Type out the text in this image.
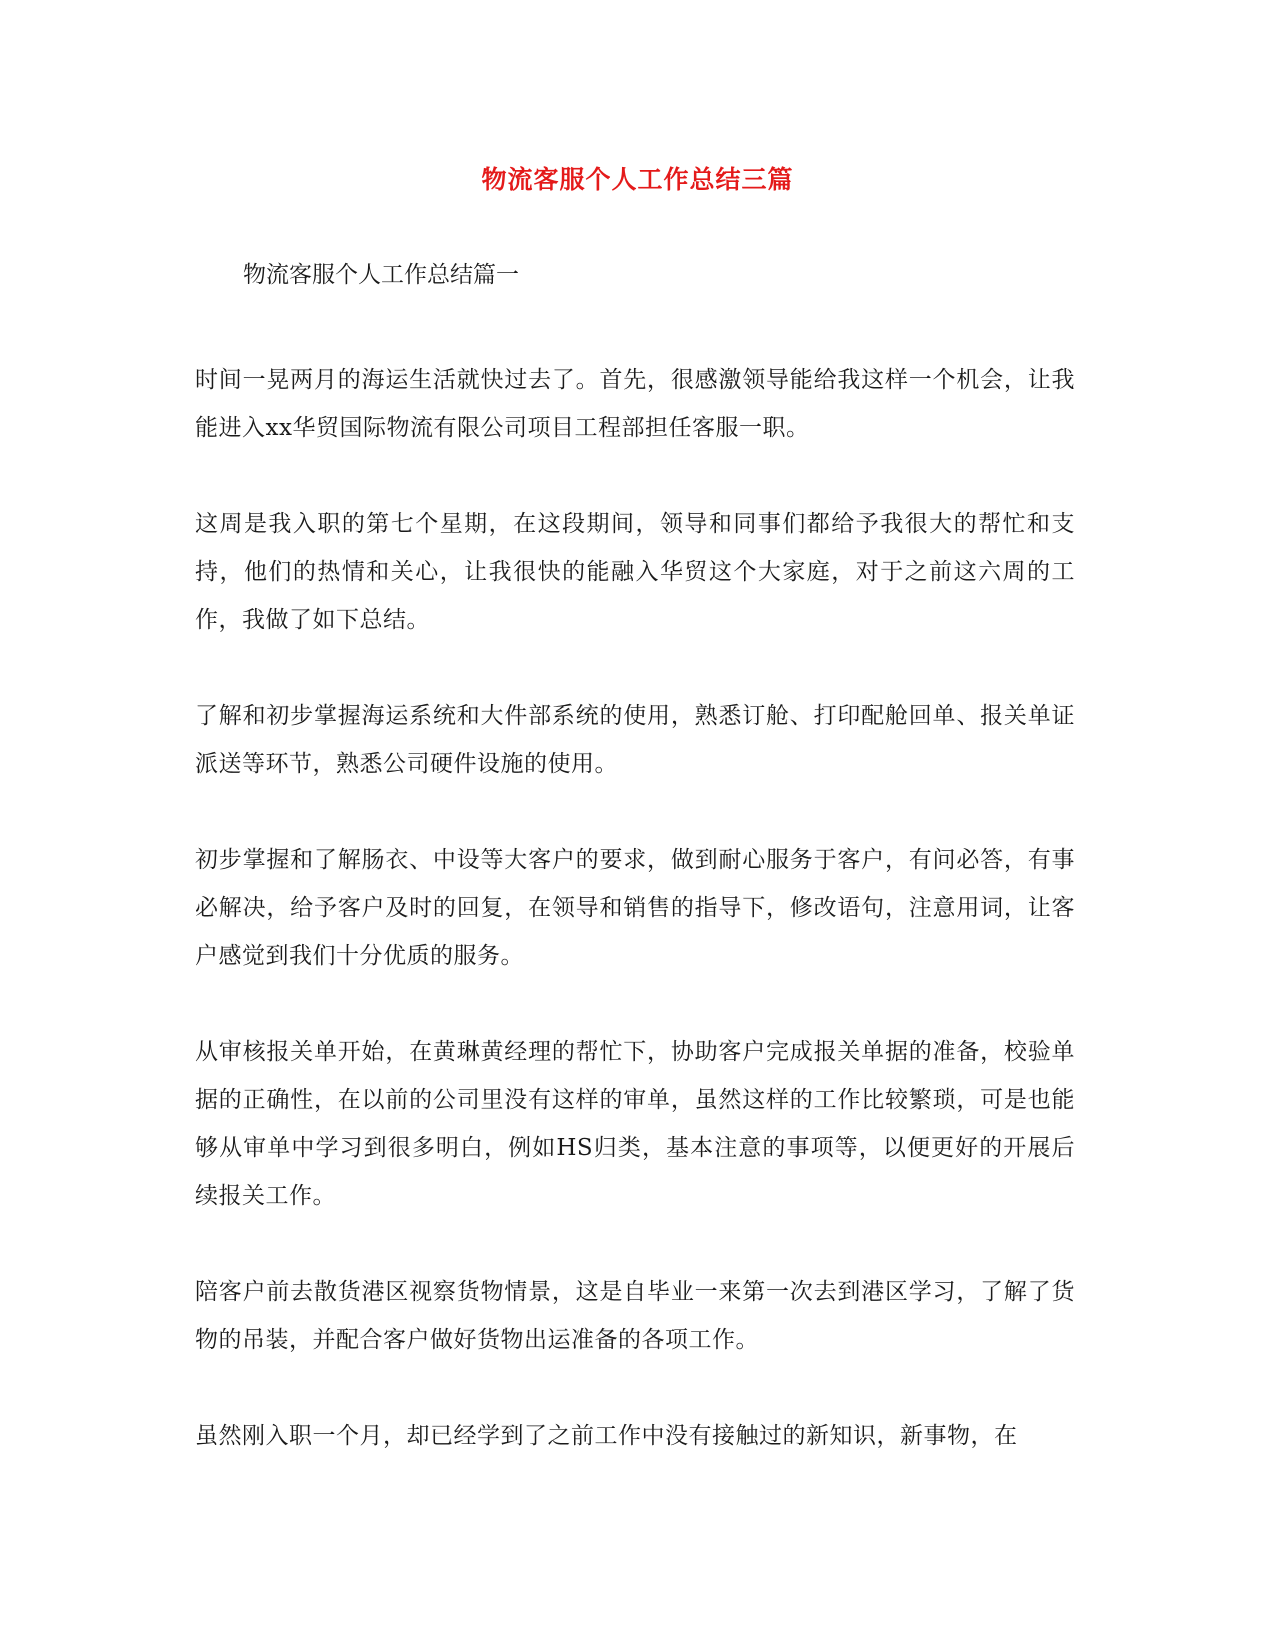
物流客服个人工作总结三篇

物流客服个人工作总结篇一

时间一晃两月的海运生活就快过去了。首先，很感激领导能给我这样一个机会，让我能进入xx华贸国际物流有限公司项目工程部担任客服一职。

这周是我入职的第七个星期，在这段期间，领导和同事们都给予我很大的帮忙和支持，他们的热情和关心，让我很快的能融入华贸这个大家庭，对于之前这六周的工作，我做了如下总结。

了解和初步掌握海运系统和大件部系统的使用，熟悉订舱、打印配舱回单、报关单证派送等环节，熟悉公司硬件设施的使用。

初步掌握和了解肠衣、中设等大客户的要求，做到耐心服务于客户，有问必答，有事必解决，给予客户及时的回复，在领导和销售的指导下，修改语句，注意用词，让客户感觉到我们十分优质的服务。

从审核报关单开始，在黄琳黄经理的帮忙下，协助客户完成报关单据的准备，校验单据的正确性，在以前的公司里没有这样的审单，虽然这样的工作比较繁琐，可是也能够从审单中学习到很多明白，例如HS归类，基本注意的事项等，以便更好的开展后续报关工作。

陪客户前去散货港区视察货物情景，这是自毕业一来第一次去到港区学习，了解了货物的吊装，并配合客户做好货物出运准备的各项工作。

虽然刚入职一个月，却已经学到了之前工作中没有接触过的新知识，新事物，在
